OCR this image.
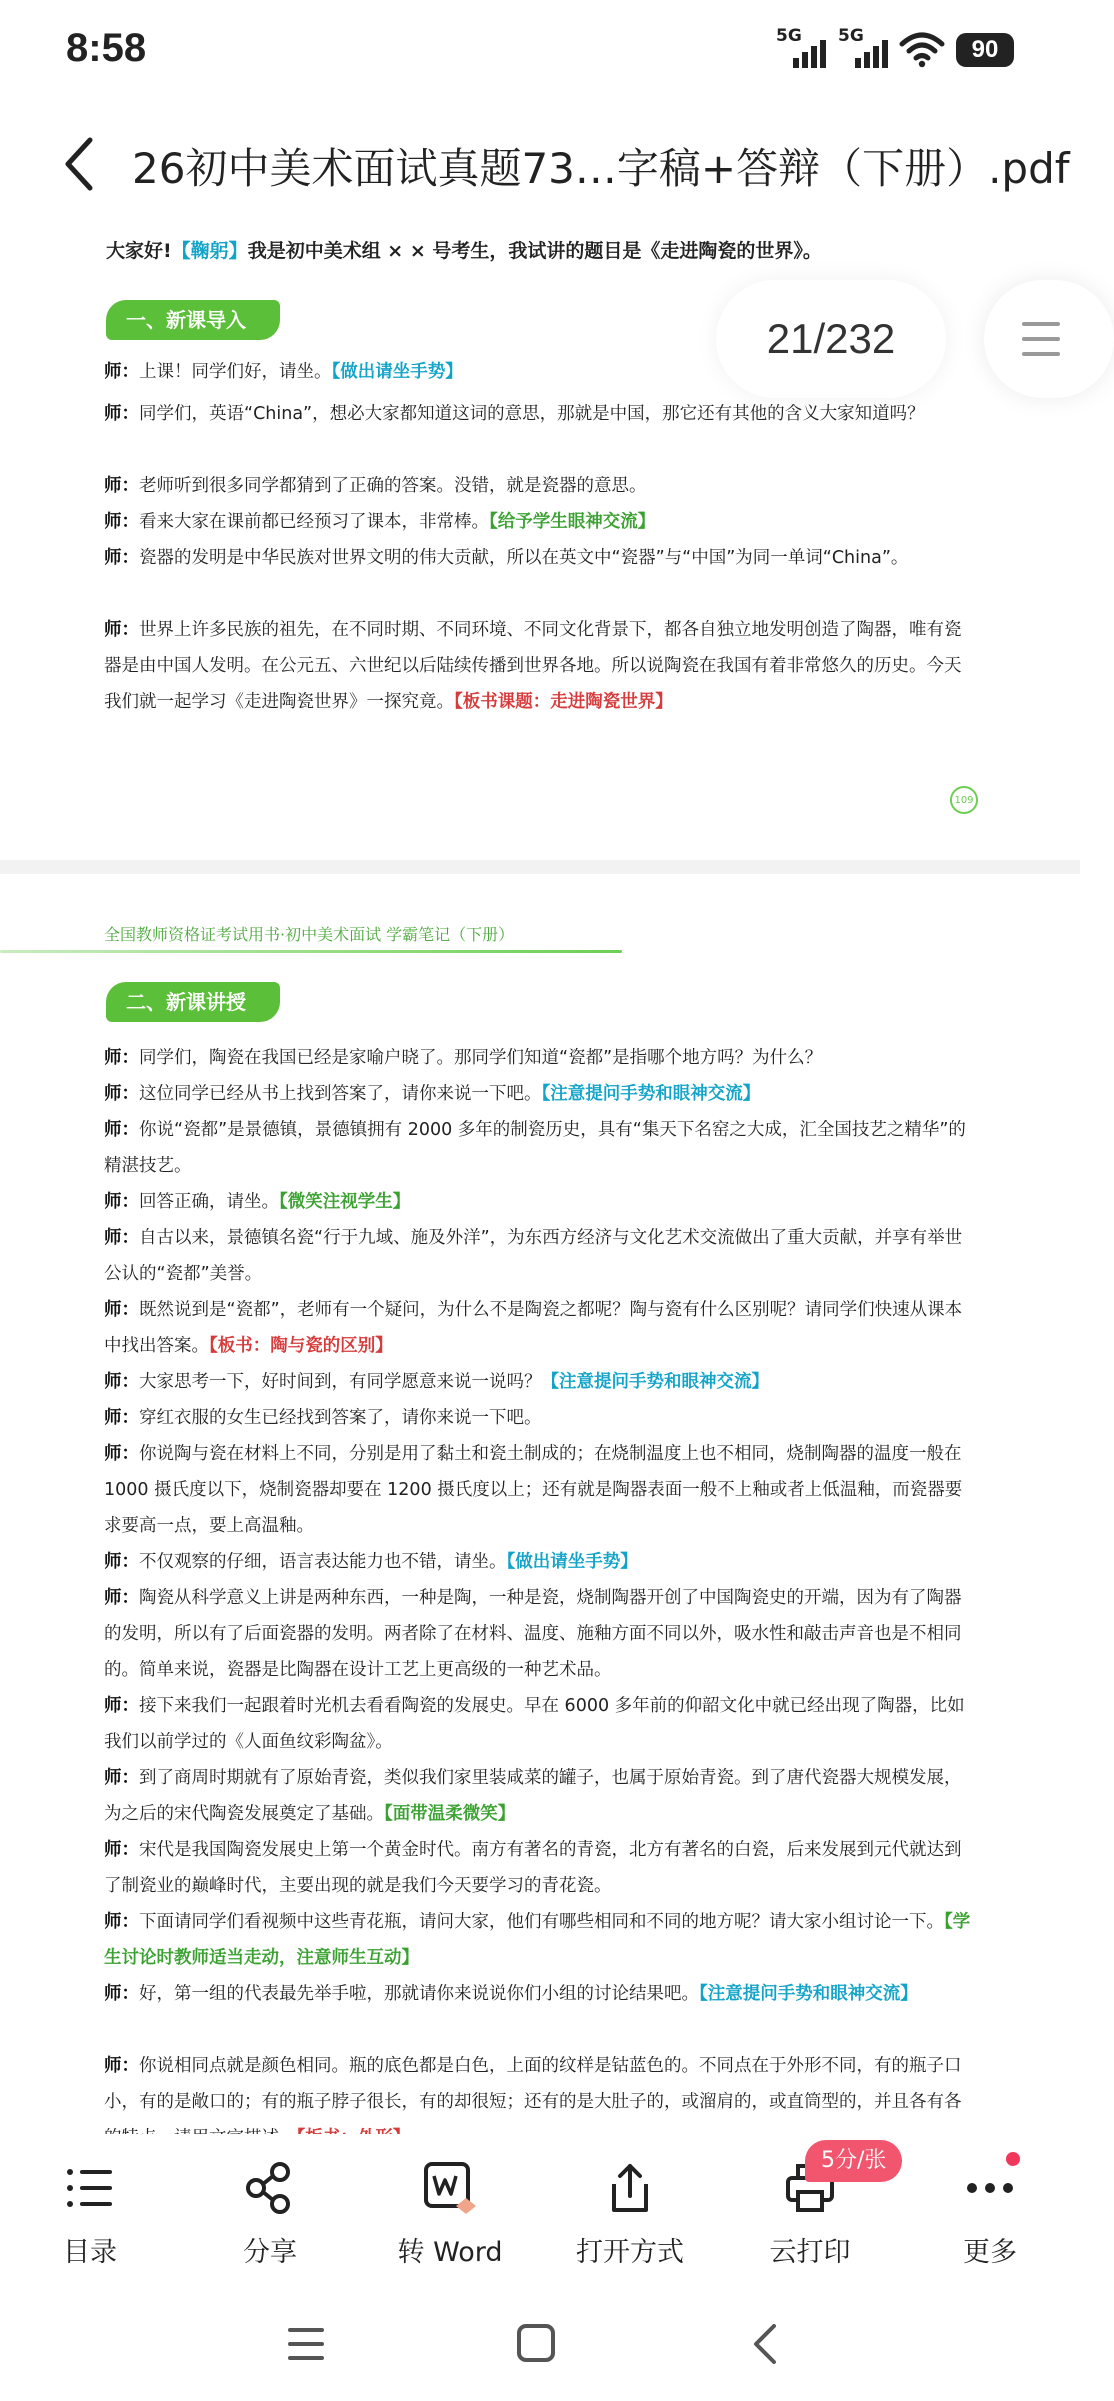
8:58	5G 5G	90
26初中美术面试真题73…字稿+答辩（下册）.pdf
大家好!【鞠躬】我是初中美术组 × × 号考生，我试讲的题目是《走进陶瓷的世界》。
一、新课导入
师：上课！同学们好，请坐。【做出请坐手势】
师：同学们，英语“China”，想必大家都知道这词的意思，那就是中国，那它还有其他的含义大家知道吗？
师：老师听到很多同学都猜到了正确的答案。没错，就是瓷器的意思。
师：看来大家在课前都已经预习了课本，非常棒。【给予学生眼神交流】
师：瓷器的发明是中华民族对世界文明的伟大贡献，所以在英文中“瓷器”与“中国”为同一单词“China”。
师：世界上许多民族的祖先，在不同时期、不同环境、不同文化背景下，都各自独立地发明创造了陶器，唯有瓷器是由中国人发明。在公元五、六世纪以后陆续传播到世界各地。所以说陶瓷在我国有着非常悠久的历史。今天我们就一起学习《走进陶瓷世界》一探究竟。【板书课题：走进陶瓷世界】
109
全国教师资格证考试用书·初中美术面试 学霸笔记（下册）
二、新课讲授
师：同学们，陶瓷在我国已经是家喻户晓了。那同学们知道“瓷都”是指哪个地方吗？为什么？
师：这位同学已经从书上找到答案了，请你来说一下吧。【注意提问手势和眼神交流】
师：你说“瓷都”是景德镇，景德镇拥有 2000 多年的制瓷历史，具有“集天下名窑之大成，汇全国技艺之精华”的精湛技艺。
师：回答正确，请坐。【微笑注视学生】
师：自古以来，景德镇名瓷“行于九域、施及外洋”，为东西方经济与文化艺术交流做出了重大贡献，并享有举世公认的“瓷都”美誉。
师：既然说到是“瓷都”，老师有一个疑问，为什么不是陶瓷之都呢？陶与瓷有什么区别呢？请同学们快速从课本中找出答案。【板书：陶与瓷的区别】
师：大家思考一下，好时间到，有同学愿意来说一说吗？【注意提问手势和眼神交流】
师：穿红衣服的女生已经找到答案了，请你来说一下吧。
师：你说陶与瓷在材料上不同，分别是用了黏土和瓷土制成的；在烧制温度上也不相同，烧制陶器的温度一般在 1000 摄氏度以下，烧制瓷器却要在 1200 摄氏度以上；还有就是陶器表面一般不上釉或者上低温釉，而瓷器要求要高一点，要上高温釉。
师：不仅观察的仔细，语言表达能力也不错，请坐。【做出请坐手势】
师：陶瓷从科学意义上讲是两种东西，一种是陶，一种是瓷，烧制陶器开创了中国陶瓷史的开端，因为有了陶器的发明，所以有了后面瓷器的发明。两者除了在材料、温度、施釉方面不同以外，吸水性和敲击声音也是不相同的。简单来说，瓷器是比陶器在设计工艺上更高级的一种艺术品。
师：接下来我们一起跟着时光机去看看陶瓷的发展史。早在 6000 多年前的仰韶文化中就已经出现了陶器，比如我们以前学过的《人面鱼纹彩陶盆》。
师：到了商周时期就有了原始青瓷，类似我们家里装咸菜的罐子，也属于原始青瓷。到了唐代瓷器大规模发展，为之后的宋代陶瓷发展奠定了基础。【面带温柔微笑】
师：宋代是我国陶瓷发展史上第一个黄金时代。南方有著名的青瓷，北方有著名的白瓷，后来发展到元代就达到了制瓷业的巅峰时代，主要出现的就是我们今天要学习的青花瓷。
师：下面请同学们看视频中这些青花瓶，请问大家，他们有哪些相同和不同的地方呢？请大家小组讨论一下。【学生讨论时教师适当走动，注意师生互动】
师：好，第一组的代表最先举手啦，那就请你来说说你们小组的讨论结果吧。【注意提问手势和眼神交流】
师：你说相同点就是颜色相同。瓶的底色都是白色，上面的纹样是钴蓝色的。不同点在于外形不同，有的瓶子口小，有的是敞口的；有的瓶子脖子很长，有的却很短；还有的是大肚子的，或溜肩的，或直筒型的，并且各有各
21/232
目录	分享	转 Word	打开方式	云打印	更多
5分/张
